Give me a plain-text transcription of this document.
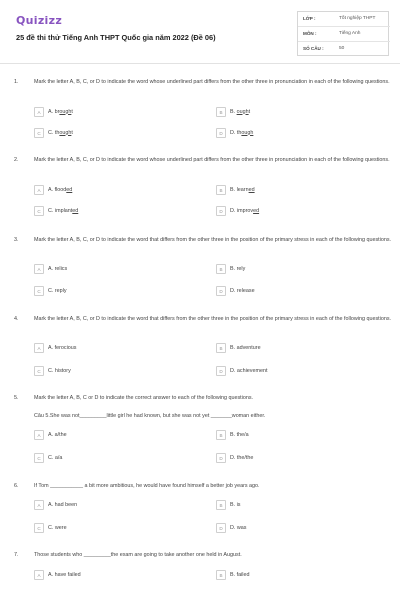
Quizizz
25 đề thi thử Tiếng Anh THPT Quốc gia năm 2022 (Đề 06)
LỚP :	Tốt nghiệp THPT
MÔN :	Tiếng Anh
SỐ CÂU :	50
1.	Mark the letter A, B, C, or D to indicate the word whose underlined part differs from the other three in pronunciation in each of the following questions.
A	A. brought	B	B. ought
C	C. thought	D	D. though
2.	Mark the letter A, B, C, or D to indicate the word whose underlined part differs from the other three in pronunciation in each of the following questions.
A	A. flooded	B	B. learned
C	C. implanted	D	D. improved
3.	Mark the letter A, B, C, or D to indicate the word that differs from the other three in the position of the primary stress in each of the following questions.
A	A. relics	B	B. rely
C	C. reply	D	D. release
4.	Mark the letter A, B, C, or D to indicate the word that differs from the other three in the position of the primary stress in each of the following questions.
A	A. ferocious	B	B. adventure
C	C. history	D	D. achievement
5.	Mark the letter A, B, C or D to indicate the correct answer to each of the following questions.
Câu 5.She was not_________little girl he had known, but she was not yet _______woman either.
A	A. a/the	B	B. the/a
C	C. a/a	D	D. the/the
6.	If Tom ___________ a bit more ambitious, he would have found himself a better job years ago.
A	A. had been	B	B. is
C	C. were	D	D. was
7.	Those students who _________the exam are going to take another one held in August.
A	A. have failed	B	B. failed
